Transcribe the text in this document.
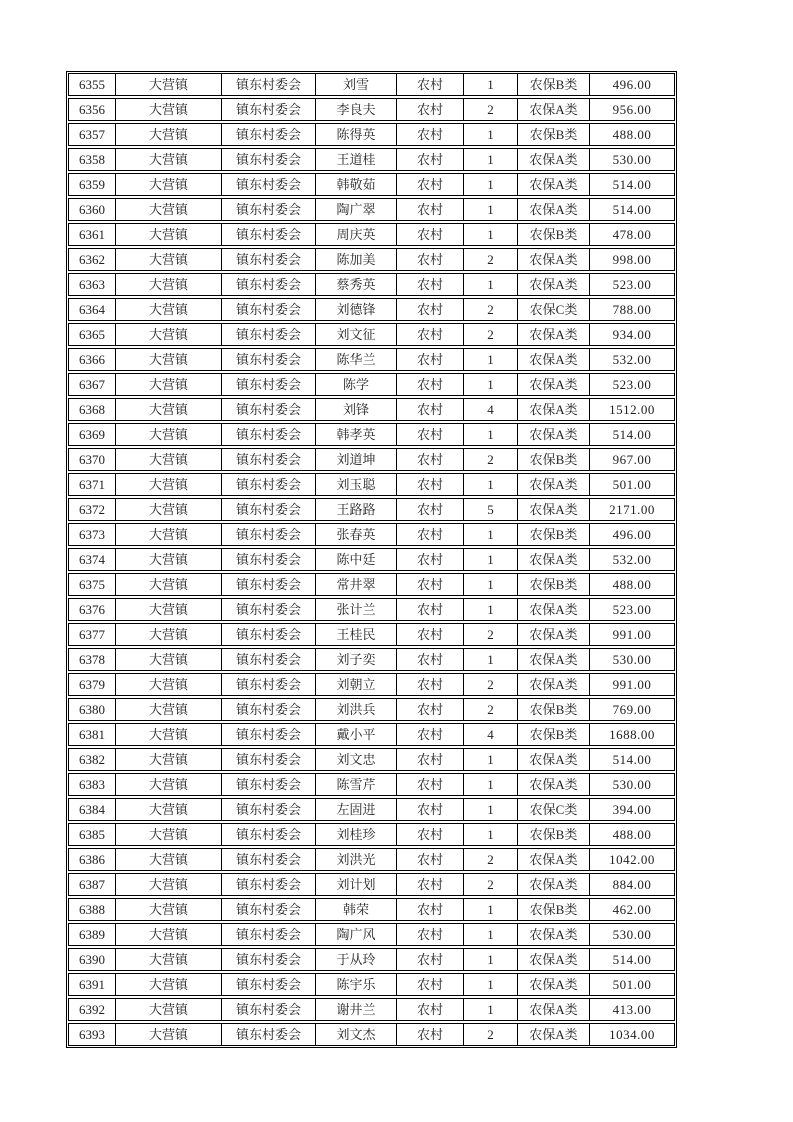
6355	大营镇	镇东村委会	刘雪	农村	1	农保B类	496.00
6356	大营镇	镇东村委会	李良夫	农村	2	农保A类	956.00
6357	大营镇	镇东村委会	陈得英	农村	1	农保B类	488.00
6358	大营镇	镇东村委会	王道桂	农村	1	农保A类	530.00
6359	大营镇	镇东村委会	韩敬茹	农村	1	农保A类	514.00
6360	大营镇	镇东村委会	陶广翠	农村	1	农保A类	514.00
6361	大营镇	镇东村委会	周庆英	农村	1	农保B类	478.00
6362	大营镇	镇东村委会	陈加美	农村	2	农保A类	998.00
6363	大营镇	镇东村委会	蔡秀英	农村	1	农保A类	523.00
6364	大营镇	镇东村委会	刘德锋	农村	2	农保C类	788.00
6365	大营镇	镇东村委会	刘文征	农村	2	农保A类	934.00
6366	大营镇	镇东村委会	陈华兰	农村	1	农保A类	532.00
6367	大营镇	镇东村委会	陈学	农村	1	农保A类	523.00
6368	大营镇	镇东村委会	刘锋	农村	4	农保A类	1512.00
6369	大营镇	镇东村委会	韩孝英	农村	1	农保A类	514.00
6370	大营镇	镇东村委会	刘道坤	农村	2	农保B类	967.00
6371	大营镇	镇东村委会	刘玉聪	农村	1	农保A类	501.00
6372	大营镇	镇东村委会	王路路	农村	5	农保A类	2171.00
6373	大营镇	镇东村委会	张春英	农村	1	农保B类	496.00
6374	大营镇	镇东村委会	陈中廷	农村	1	农保A类	532.00
6375	大营镇	镇东村委会	常井翠	农村	1	农保B类	488.00
6376	大营镇	镇东村委会	张计兰	农村	1	农保A类	523.00
6377	大营镇	镇东村委会	王桂民	农村	2	农保A类	991.00
6378	大营镇	镇东村委会	刘子奕	农村	1	农保A类	530.00
6379	大营镇	镇东村委会	刘朝立	农村	2	农保A类	991.00
6380	大营镇	镇东村委会	刘洪兵	农村	2	农保B类	769.00
6381	大营镇	镇东村委会	戴小平	农村	4	农保B类	1688.00
6382	大营镇	镇东村委会	刘文忠	农村	1	农保A类	514.00
6383	大营镇	镇东村委会	陈雪芹	农村	1	农保A类	530.00
6384	大营镇	镇东村委会	左固进	农村	1	农保C类	394.00
6385	大营镇	镇东村委会	刘桂珍	农村	1	农保B类	488.00
6386	大营镇	镇东村委会	刘洪光	农村	2	农保A类	1042.00
6387	大营镇	镇东村委会	刘计划	农村	2	农保A类	884.00
6388	大营镇	镇东村委会	韩荣	农村	1	农保B类	462.00
6389	大营镇	镇东村委会	陶广风	农村	1	农保A类	530.00
6390	大营镇	镇东村委会	于从玲	农村	1	农保A类	514.00
6391	大营镇	镇东村委会	陈宇乐	农村	1	农保A类	501.00
6392	大营镇	镇东村委会	谢井兰	农村	1	农保A类	413.00
6393	大营镇	镇东村委会	刘文杰	农村	2	农保A类	1034.00
